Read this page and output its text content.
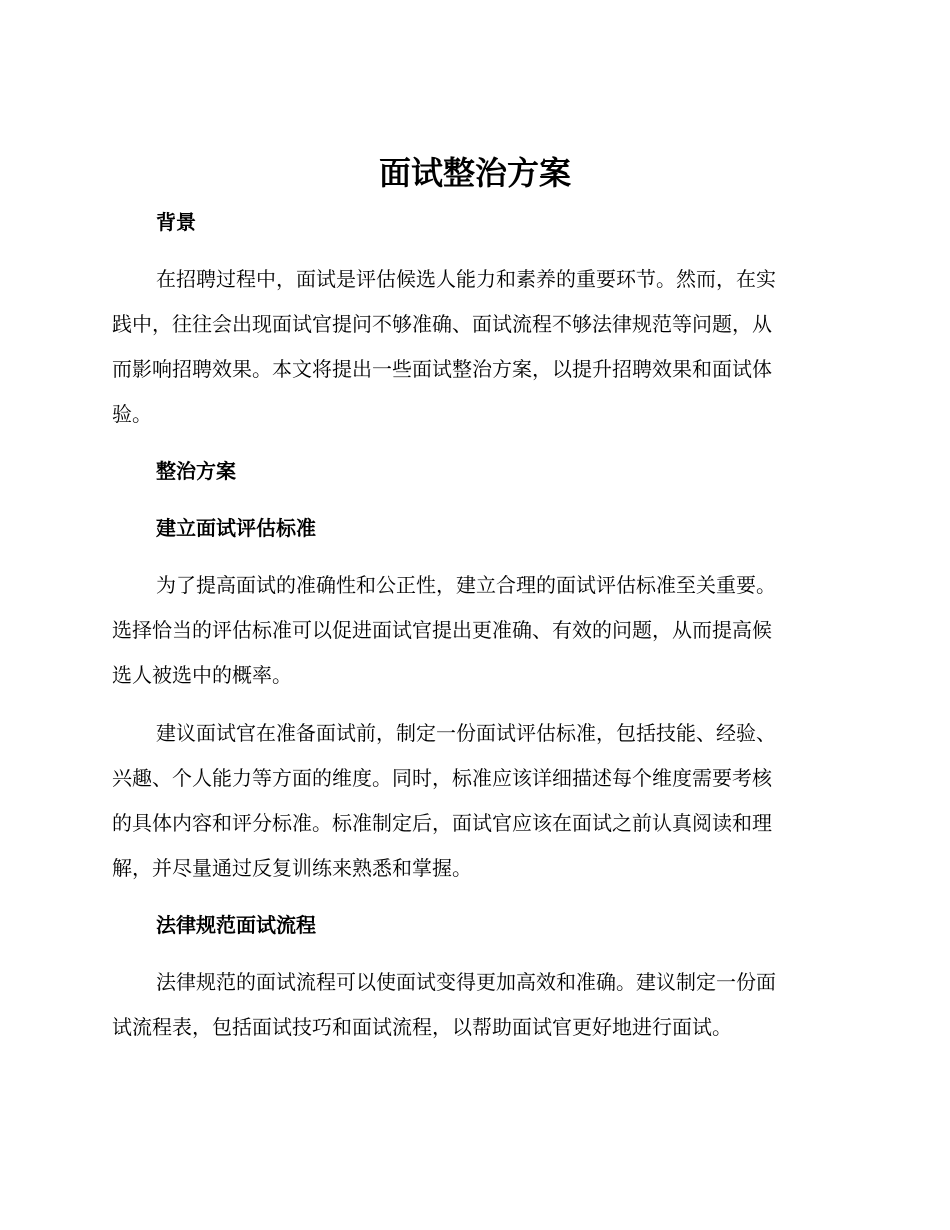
面试整治方案
背景
在招聘过程中，面试是评估候选人能力和素养的重要环节。然而，在实
践中，往往会出现面试官提问不够准确、面试流程不够法律规范等问题，从
而影响招聘效果。本文将提出一些面试整治方案，以提升招聘效果和面试体
验。
整治方案
建立面试评估标准
为了提高面试的准确性和公正性，建立合理的面试评估标准至关重要。
选择恰当的评估标准可以促进面试官提出更准确、有效的问题，从而提高候
选人被选中的概率。
建议面试官在准备面试前，制定一份面试评估标准，包括技能、经验、
兴趣、个人能力等方面的维度。同时，标准应该详细描述每个维度需要考核
的具体内容和评分标准。标准制定后，面试官应该在面试之前认真阅读和理
解，并尽量通过反复训练来熟悉和掌握。
法律规范面试流程
法律规范的面试流程可以使面试变得更加高效和准确。建议制定一份面
试流程表，包括面试技巧和面试流程，以帮助面试官更好地进行面试。
